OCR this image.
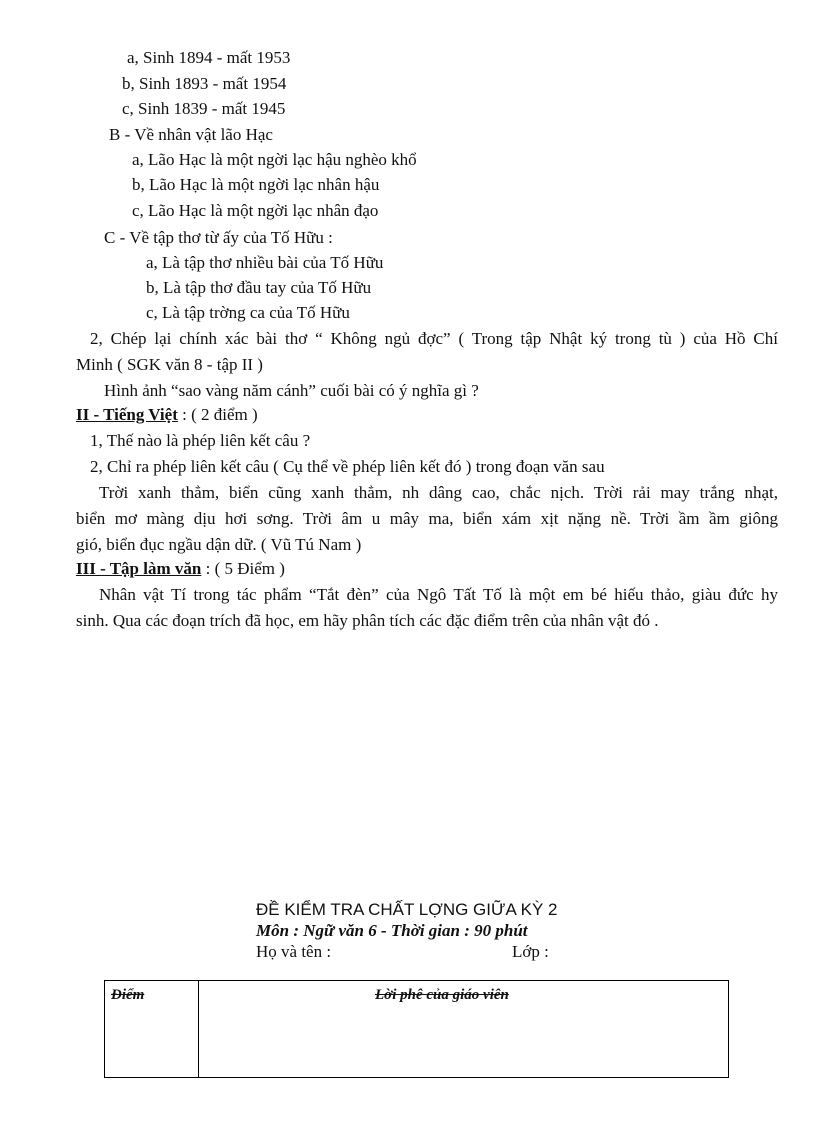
a, Sinh 1894 - mất 1953
b, Sinh 1893 - mất 1954
c, Sinh 1839 - mất 1945
B - Về nhân vật lão Hạc
a, Lão Hạc là một ngời lạc hậu nghèo khổ
b, Lão Hạc là một ngời lạc nhân hậu
c, Lão Hạc là một ngời lạc nhân đạo
C - Về tập thơ từ ấy của Tố Hữu :
a, Là tập thơ nhiều bài của Tố Hữu
b, Là tập thơ đầu tay của Tố Hữu
c, Là tập trờng ca của Tố Hữu
2, Chép lại chính xác bài thơ “ Không ngủ đợc” ( Trong tập Nhật ký trong tù ) của Hồ Chí
Minh ( SGK văn 8 - tập II )
Hình ảnh “sao vàng năm cánh” cuối bài có ý nghĩa gì ?
II - Tiếng Việt : ( 2 điểm )
1, Thế nào là phép liên kết câu ?
2, Chỉ ra phép liên kết câu ( Cụ thể về phép liên kết đó ) trong đoạn văn sau
Trời xanh thẳm, biển cũng xanh thẳm, nh dâng cao, chắc nịch. Trời rải may trắng nhạt,
biển mơ màng dịu hơi sơng. Trời âm u mây ma, biển xám xịt nặng nề. Trời ầm ầm giông
gió, biển đục ngầu dận dữ. ( Vũ Tú Nam )
III - Tập làm văn : ( 5 Điểm )
Nhân vật Tí trong tác phẩm “Tắt đèn” của Ngô Tất Tố là một em bé hiếu thảo, giàu đức hy
sinh. Qua các đoạn trích đã học, em hãy phân tích các đặc điểm trên của nhân vật đó .
ĐỀ KIỂM TRA CHẤT LỢNG GIỮA KỲ 2
Môn : Ngữ văn 6 - Thời gian : 90 phút
Họ và tên :	Lớp :
Điểm	Lời phê của giáo viên
